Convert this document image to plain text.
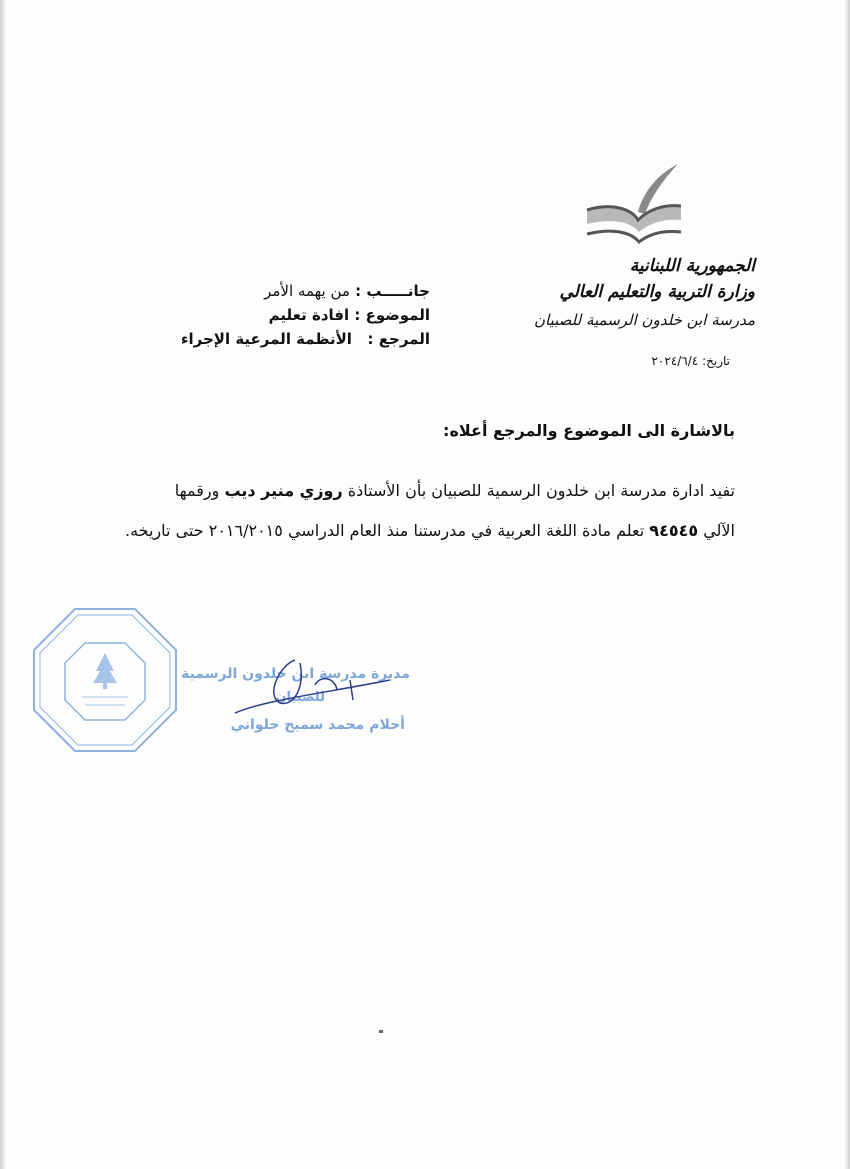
الجمهورية اللبنانية
وزارة التربية والتعليم العالي
مدرسة ابن خلدون الرسمية للصبيان
تاريخ: ٢٠٢٤/٦/٤
جانـــــب : من يهمه الأمر
الموضوع : افادة تعليم
المرجع :   الأنظمة المرعية الإجراء
بالاشارة الى الموضوع والمرجع أعلاه:
تفيد ادارة مدرسة ابن خلدون الرسمية للصبيان بأن الأستاذة روزي منير ديب ورقمها
الآلي ٩٤٥٤٥ تعلم مادة اللغة العربية في مدرستنا منذ العام الدراسي ٢٠١٦/٢٠١٥ حتى تاريخه.
مديرة مدرسة ابن خلدون الرسمية
للصبيان
أحلام محمد سميح حلواني
